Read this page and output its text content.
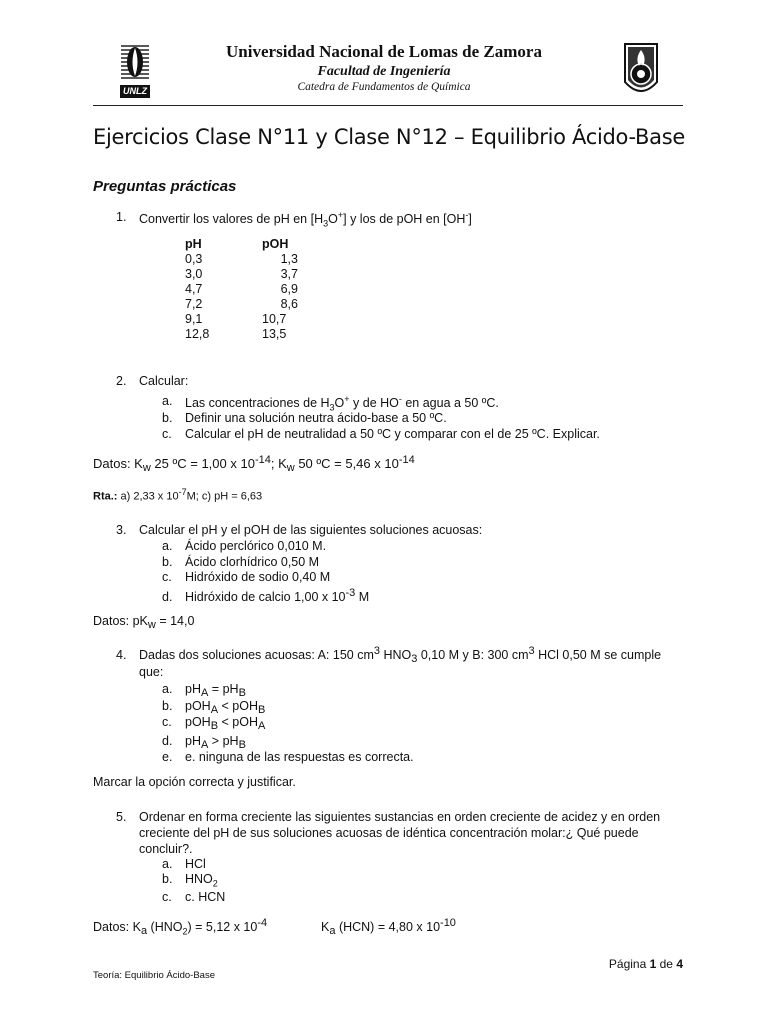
UNLZ
Universidad Nacional de Lomas de Zamora
Facultad de Ingeniería
Catedra de Fundamentos de Química
Ejercicios Clase N°11 y Clase N°12 – Equilibrio Ácido-Base
Preguntas prácticas
1. Convertir los valores de pH en $[H_3O^+]$ y los de pOH en [OH-]
pH	pOH
0,3	1,3
3,0	3,7
4,7	6,9
7,2	8,6
9,1	10,7
12,8	13,5
2. Calcular:
a. Las concentraciones de $H_3O^+$ y de HO- en agua a 50 ºC.
b. Definir una solución neutra ácido-base a 50 ºC.
c. Calcular el pH de neutralidad a 50 ºC y comparar con el de 25 ºC. Explicar.
Datos: $K_w$ 25 ºC = 1,00 x $10^{-14}$; $K_w$ 50 ºC = 5,46 x $10^{-14}$
Rta.: a) 2,33 x $10^{-7}M$; c) pH = 6,63
3. Calcular el pH y el pOH de las siguientes soluciones acuosas:
a. Ácido perclórico 0,010 M.
b. Ácido clorhídrico 0,50 M
c. Hidróxido de sodio 0,40 M
d. Hidróxido de calcio 1,00 x 10-3 M
Datos: pKw = 14,0
4. Dadas dos soluciones acuosas: A: 150 cm3 HNO3 0,10 M y B: 300 cm3 HCl 0,50 M se cumple
que:
a. pHA = pHB
b. pOHA < pOHB
c. pOHB < pOHA
d. pHA > pHB
e. e. ninguna de las respuestas es correcta.
Marcar la opción correcta y justificar.
5. Ordenar en forma creciente las siguientes sustancias en orden creciente de acidez y en orden
creciente del pH de sus soluciones acuosas de idéntica concentración molar:¿ Qué puede
concluir?.
a. HCl
b. $HNO_2$
c. c. HCN
Datos: Ka $(HNO_2) = 5,12$ x 10-4	Ka (HCN) = 4,80 x 10-10
Página 1 de 4
Teoría: Equilibrio Ácido-Base
